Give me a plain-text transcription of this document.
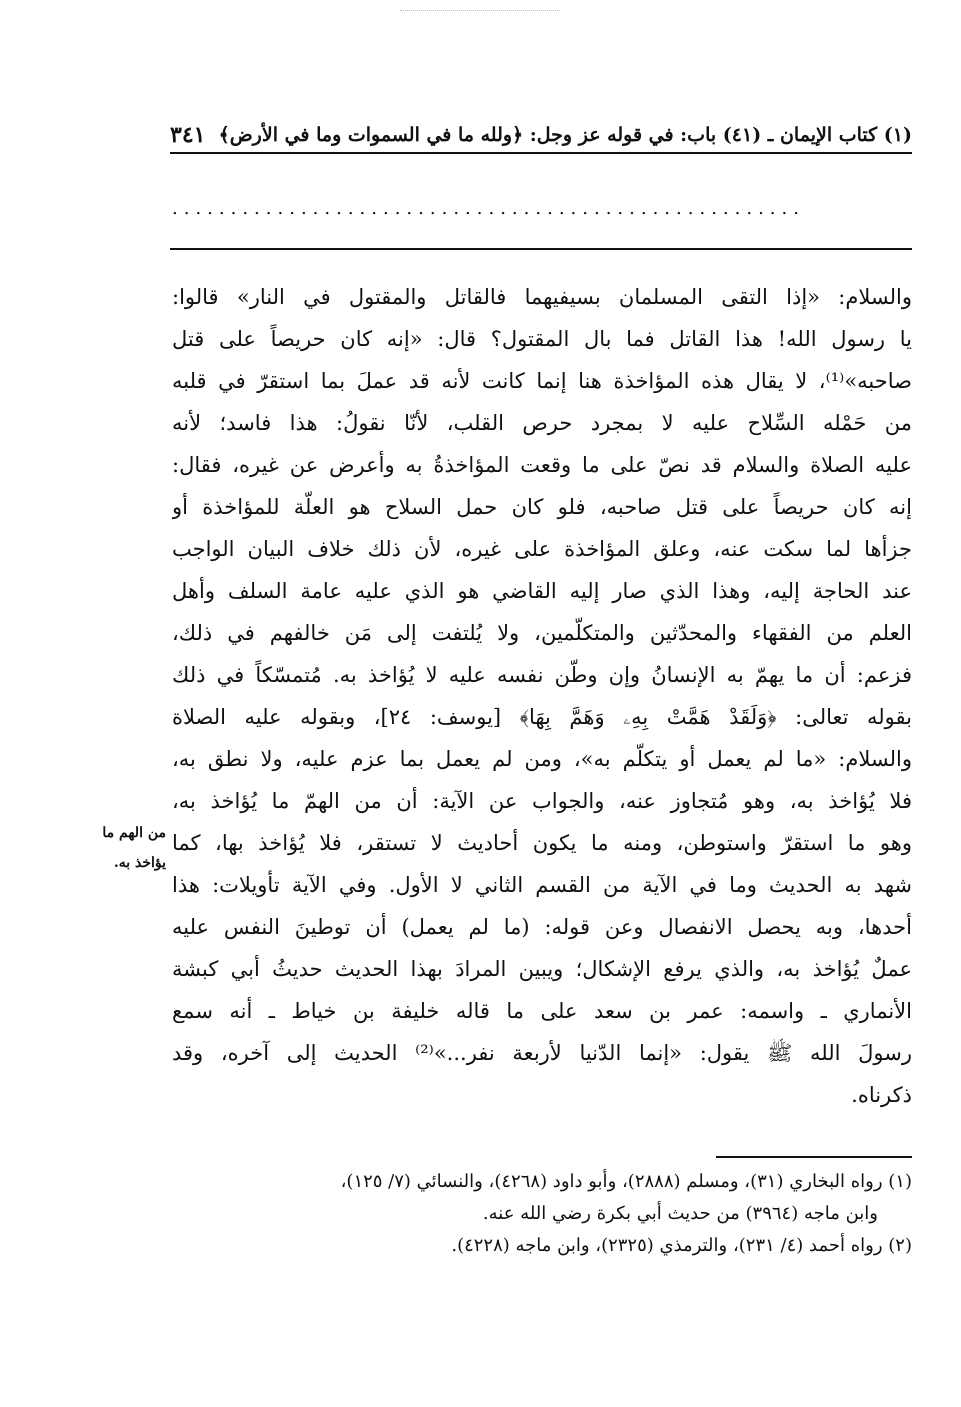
(١) كتاب الإيمان ـ (٤١) باب: في قوله عز وجل: ﴿ولله ما في السموات وما في الأرض﴾
٣٤١
......................................................
والسلام: «إذا التقى المسلمان بسيفيهما فالقاتل والمقتول في النار» قالوا:
يا رسول الله! هذا القاتل فما بال المقتول؟ قال: «إنه كان حريصاً على قتل
صاحبه»⁽¹⁾، لا يقال هذه المؤاخذة هنا إنما كانت لأنه قد عملَ بما استقرّ في قلبه
من حَمْله السِّلاح عليه لا بمجرد حرص القلب، لأنّا نقولُ: هذا فاسد؛ لأنه
عليه الصلاة والسلام قد نصّ على ما وقعت المؤاخذةُ به وأعرض عن غيره، فقال:
إنه كان حريصاً على قتل صاحبه، فلو كان حمل السلاح هو العلّة للمؤاخذة أو
جزأها لما سكت عنه، وعلق المؤاخذة على غيره، لأن ذلك خلاف البيان الواجب
عند الحاجة إليه، وهذا الذي صار إليه القاضي هو الذي عليه عامة السلف وأهل
العلم من الفقهاء والمحدّثين والمتكلّمين، ولا يُلتفت إلى مَن خالفهم في ذلك،
فزعم: أن ما يهمّ به الإنسانُ وإن وطّن نفسه عليه لا يُؤاخذ به. مُتمسّكاً في ذلك
بقوله تعالى: ﴿وَلَقَدْ هَمَّتْ بِهِۦ وَهَمَّ بِهَا﴾ [يوسف: ٢٤]، وبقوله عليه الصلاة
والسلام: «ما لم يعمل أو يتكلّم به»، ومن لم يعمل بما عزم عليه، ولا نطق به،
فلا يُؤاخذ به، وهو مُتجاوز عنه، والجواب عن الآية: أن من الهمّ ما يُؤاخذ به،
وهو ما استقرّ واستوطن، ومنه ما يكون أحاديث لا تستقر، فلا يُؤاخذ بها، كما
شهد به الحديث وما في الآية من القسم الثاني لا الأول. وفي الآية تأويلات: هذا
أحدها، وبه يحصل الانفصال وعن قوله: (ما لم يعمل) أن توطينَ النفس عليه
عملٌ يُؤاخذ به، والذي يرفع الإشكال؛ ويبين المرادَ بهذا الحديث حديثُ أبي كبشة
الأنماري ـ واسمه: عمر بن سعد على ما قاله خليفة بن خياط ـ أنه سمع
رسولَ الله ﷺ يقول: «إنما الدّنيا لأربعة نفر...»⁽²⁾ الحديث إلى آخره، وقد
ذكرناه.
من الهم ما يؤاخذ به.
(١) رواه البخاري (٣١)، ومسلم (٢٨٨٨)، وأبو داود (٤٢٦٨)، والنسائي (٧/ ١٢٥)،
وابن ماجه (٣٩٦٤) من حديث أبي بكرة رضي الله عنه.
(٢) رواه أحمد (٤/ ٢٣١)، والترمذي (٢٣٢٥)، وابن ماجه (٤٢٢٨).
